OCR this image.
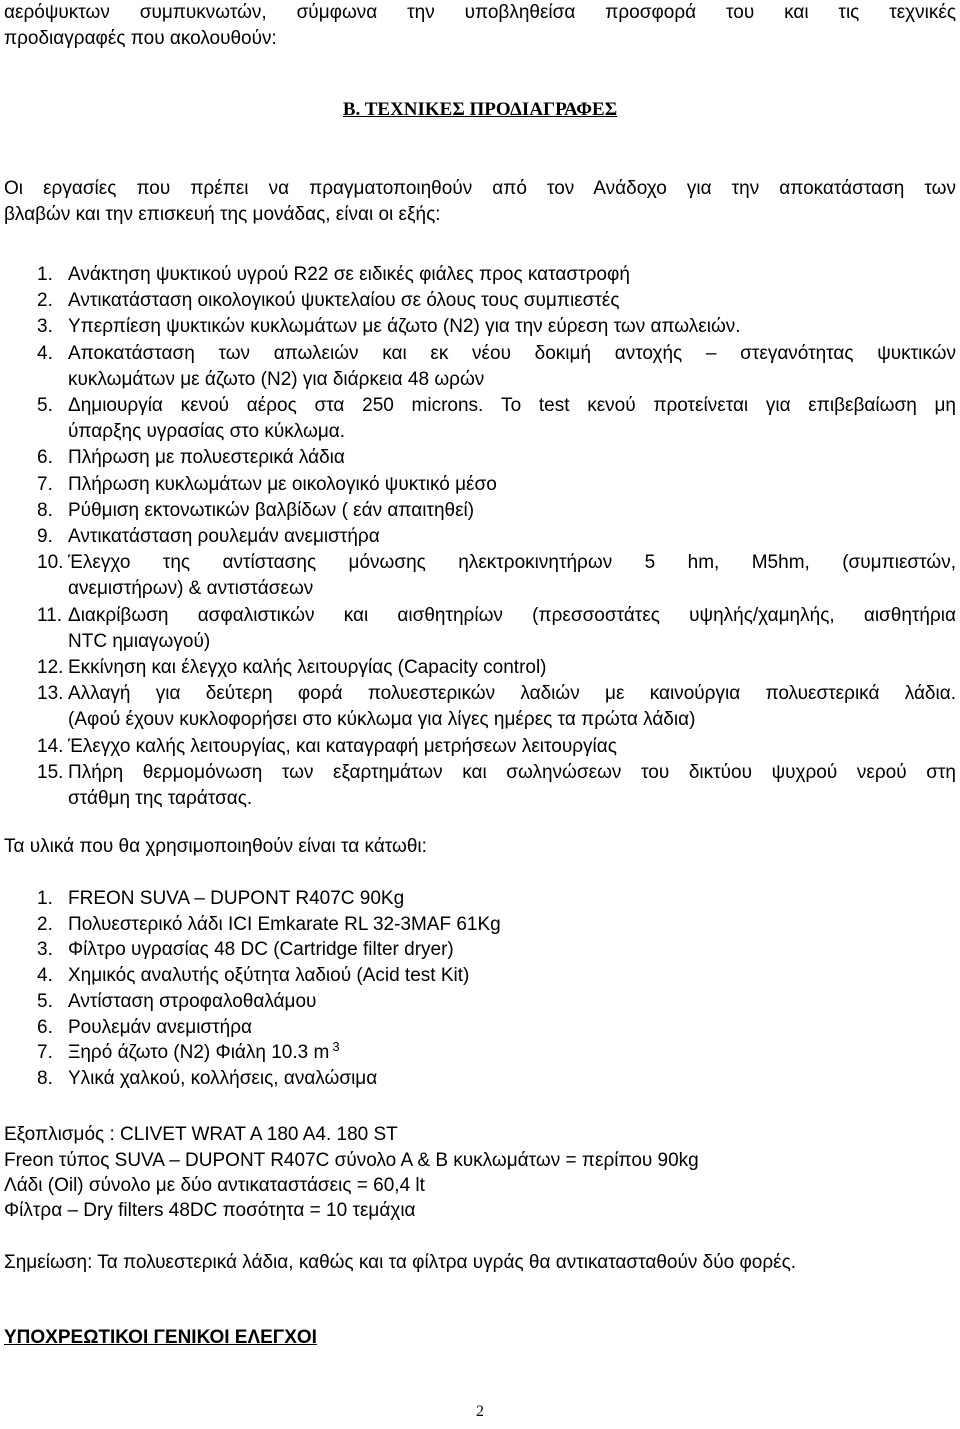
αερόψυκτων συμπυκνωτών, σύμφωνα την υποβληθείσα προσφορά του και τις τεχνικές
προδιαγραφές που ακολουθούν:
Β. ΤΕΧΝΙΚΕΣ ΠΡΟΔΙΑΓΡΑΦΕΣ
Οι εργασίες που πρέπει να πραγματοποιηθούν από τον Ανάδοχο για την αποκατάσταση των
βλαβών και την επισκευή της μονάδας, είναι οι εξής:
1. Ανάκτηση ψυκτικού υγρού R22 σε ειδικές φιάλες προς καταστροφή
2. Αντικατάσταση οικολογικού ψυκτελαίου σε όλους τους συμπιεστές
3. Υπερπίεση ψυκτικών κυκλωμάτων με άζωτο (Ν2) για την εύρεση των απωλειών.
4. Αποκατάσταση των απωλειών και εκ νέου δοκιμή αντοχής – στεγανότητας ψυκτικών
κυκλωμάτων με άζωτο (Ν2) για διάρκεια 48 ωρών
5. Δημιουργία κενού αέρος στα 250 microns. Το test κενού προτείνεται για επιβεβαίωση μη
ύπαρξης υγρασίας στο κύκλωμα.
6. Πλήρωση με πολυεστερικά λάδια
7. Πλήρωση κυκλωμάτων με οικολογικό ψυκτικό μέσο
8. Ρύθμιση εκτονωτικών βαλβίδων ( εάν απαιτηθεί)
9. Αντικατάσταση ρουλεμάν ανεμιστήρα
10. Έλεγχο της αντίστασης μόνωσης ηλεκτροκινητήρων 5 hm, M5hm, (συμπιεστών,
ανεμιστήρων) & αντιστάσεων
11. Διακρίβωση ασφαλιστικών και αισθητηρίων (πρεσσοστάτες υψηλής/χαμηλής, αισθητήρια
NTC ημιαγωγού)
12. Εκκίνηση και έλεγχο καλής λειτουργίας (Capacity control)
13. Αλλαγή για δεύτερη φορά πολυεστερικών λαδιών με καινούργια πολυεστερικά λάδια.
(Αφού έχουν κυκλοφορήσει στο κύκλωμα για λίγες ημέρες τα πρώτα λάδια)
14. Έλεγχο καλής λειτουργίας, και καταγραφή μετρήσεων λειτουργίας
15. Πλήρη θερμομόνωση των εξαρτημάτων και σωληνώσεων του δικτύου ψυχρού νερού στη
στάθμη της ταράτσας.
Τα υλικά που θα χρησιμοποιηθούν είναι τα κάτωθι:
1. FREON SUVA – DUPONT R407C 90Kg
2. Πολυεστερικό λάδι ICI Emkarate RL 32-3MAF 61Kg
3. Φίλτρο υγρασίας 48 DC (Cartridge filter dryer)
4. Χημικός αναλυτής οξύτητα λαδιού (Acid test Kit)
5. Αντίσταση στροφαλοθαλάμου
6. Ρουλεμάν ανεμιστήρα
7. Ξηρό άζωτο (Ν2) Φιάλη 10.3 m $^3$
8. Υλικά χαλκού, κολλήσεις, αναλώσιμα
Εξοπλισμός : CLIVET WRAT A 180 A4. 180 ST
Freon τύπος SUVA – DUPONT R407C σύνολο Α & Β κυκλωμάτων = περίπου 90kg
Λάδι (Oil) σύνολο με δύο αντικαταστάσεις = 60,4 lt
Φίλτρα – Dry filters 48DC ποσότητα = 10 τεμάχια
Σημείωση: Τα πολυεστερικά λάδια, καθώς και τα φίλτρα υγράς θα αντικατασταθούν δύο φορές.
ΥΠΟΧΡΕΩΤΙΚΟΙ ΓΕΝΙΚΟΙ ΕΛΕΓΧΟΙ
2
